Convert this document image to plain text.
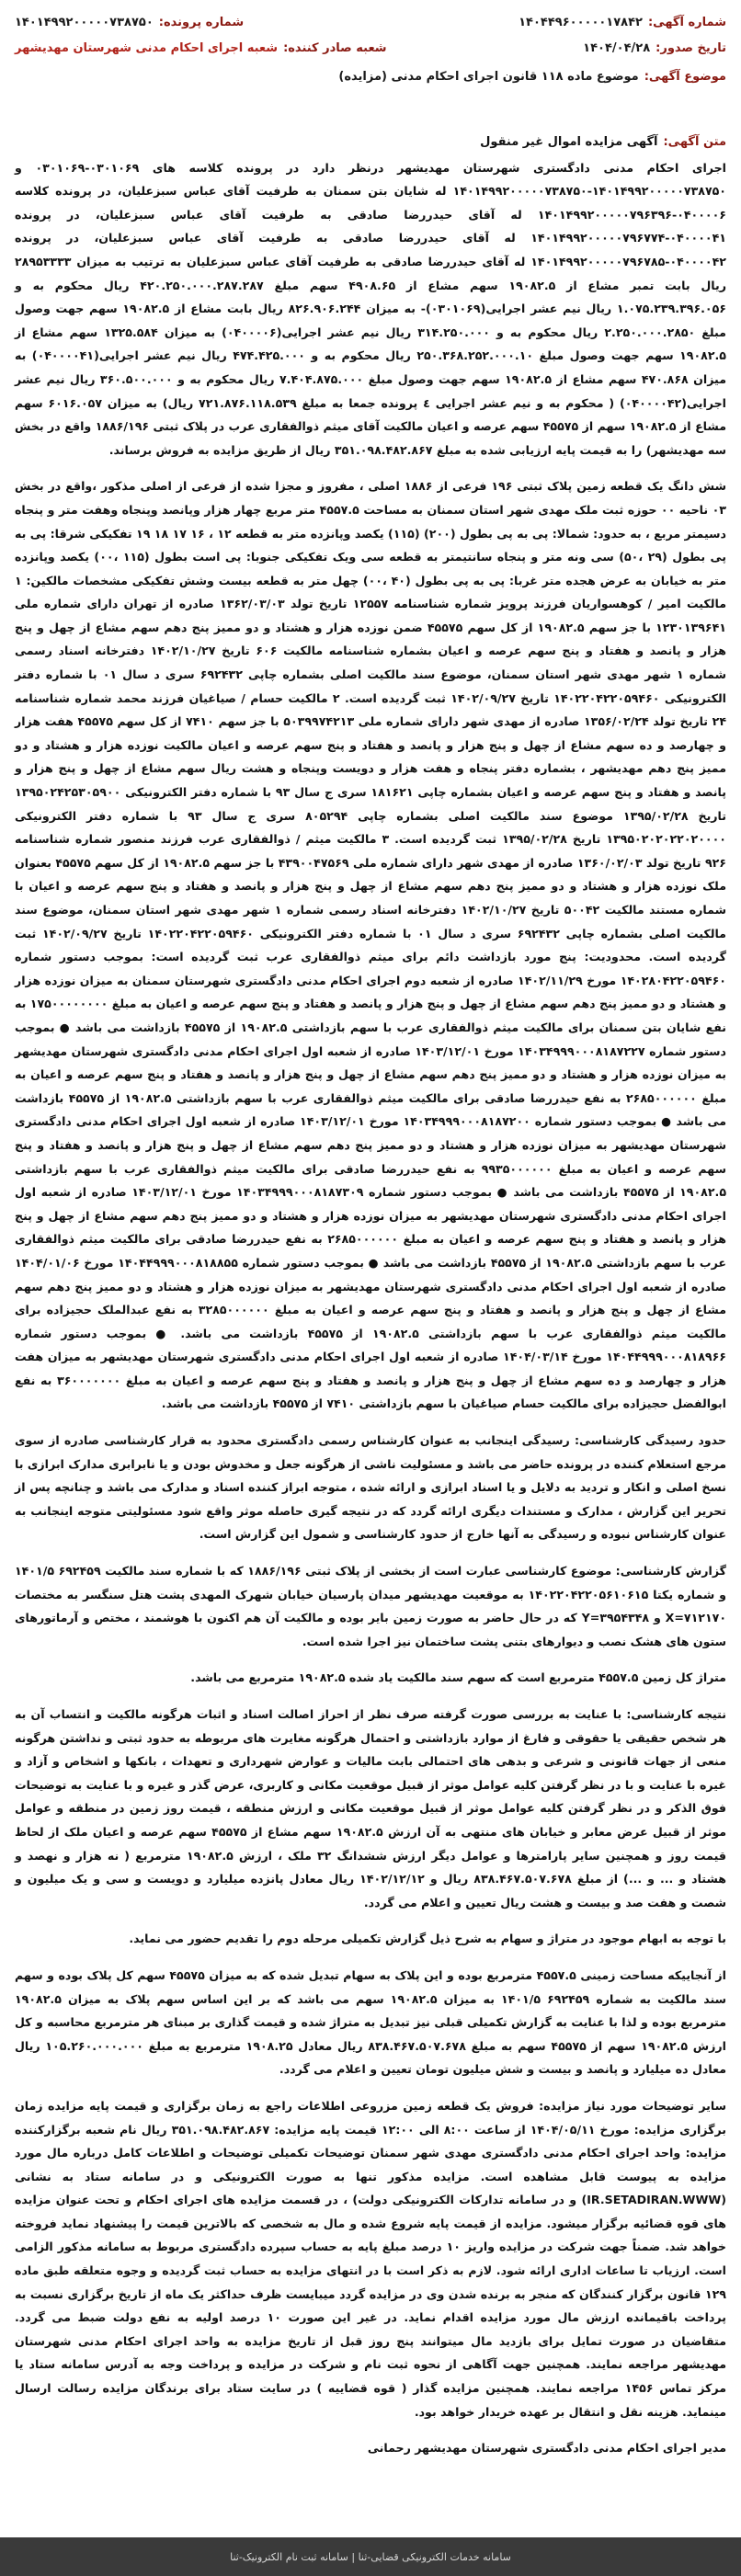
شماره آگهی:
۱۴۰۴۴۹۶۰۰۰۰۰۱۷۸۴۲
شماره پرونده:
۱۴۰۱۴۹۹۲۰۰۰۰۰۷۳۸۷۵۰
تاریخ صدور:
۱۴۰۴/۰۴/۲۸
شعبه صادر کننده:
شعبه اجرای احکام مدنی شهرستان مهدیشهر
موضوع آگهی:
موضوع ماده ۱۱۸ قانون اجرای احکام مدنی (مزایده)
متن آگهی:
آگهی مزایده اموال غیر منقول

اجرای احکام مدنی دادگستری شهرستان مهدیشهر درنظر دارد در پرونده کلاسه های ۰۳۰۱۰۶۹-۰۳۰۱۰۶۹ و ۱۴۰۱۴۹۹۲۰۰۰۰۰۷۳۸۷۵۰-۱۴۰۱۴۹۹۲۰۰۰۰۰۷۳۸۷۵۰ له شایان بتن سمنان به طرفیت آقای عباس سبزعلیان، در پرونده کلاسه ۰۴۰۰۰۰۶-۱۴۰۱۴۹۹۲۰۰۰۰۰۷۹۶۳۹۶ له آقای حیدررضا صادقی به طرفیت آقای عباس سبزعلیان، در پرونده ۰۴۰۰۰۰۴۱-۱۴۰۱۴۹۹۲۰۰۰۰۰۷۹۶۷۷۴ له آقای حیدررضا صادقی به طرفیت آقای عباس سبزعلیان، در پرونده ۰۴۰۰۰۰۴۲-۱۴۰۱۴۹۹۲۰۰۰۰۰۷۹۶۷۸۵ له آقای حیدررضا صادقی به طرفیت آقای عباس سبزعلیان به ترتیب به میزان ۲۸۹۵۳۳۳۳ ریال بابت تمبر مشاع از ۱۹۰۸۲.۵ سهم مشاع از ۴۹۰۸.۶۵ سهم مبلغ ۴۲۰.۲۵۰.۰۰۰.۲۸۷.۲۸۷ ریال محکوم به و ۱.۰۷۵.۲۳۹.۳۹۶.۰۵۶ ریال نیم عشر اجرایی(۰۳۰۱۰۶۹)- به میزان ۸۲۶.۹۰۶.۲۴۴ ریال بابت مشاع از ۱۹۰۸۲.۵ سهم جهت وصول مبلغ ۲.۲۵۰.۰۰۰.۲۸۵۰ ریال محکوم به و ۳۱۴.۲۵۰.۰۰۰ ریال نیم عشر اجرایی(۰۴۰۰۰۰۶) به میزان ۱۳۲۵.۵۸۴ سهم مشاع از ۱۹۰۸۲.۵ سهم جهت وصول مبلغ ۲۵۰.۳۶۸.۲۵۲.۰۰۰.۱۰ ریال محکوم به و ۴۷۴.۴۲۵.۰۰۰ ریال نیم عشر اجرایی(۰۴۰۰۰۰۴۱) به میزان ۴۷۰.۸۶۸ سهم مشاع از ۱۹۰۸۲.۵ سهم جهت وصول مبلغ ۷.۴۰۴.۸۷۵.۰۰۰ ریال محکوم به و ۳۶۰.۵۰۰.۰۰۰ ریال نیم عشر اجرایی(۰۴۰۰۰۰۴۲) ( محکوم به و نیم عشر اجرایی ٤ پرونده جمعا به مبلغ ۷۲۱.۸۷۶.۱۱۸.۵۳۹ ریال) به میزان ۶۰۱۶.۰۵۷ سهم مشاع از ۱۹۰۸۲.۵ سهم از ۴۵۵۷۵ سهم عرصه و اعیان مالکیت آقای میثم ذوالفقاری عرب در پلاک ثبتی ۱۸۸۶/۱۹۶ واقع در بخش سه مهدیشهر) را به قیمت پایه ارزیابی شده به مبلغ ۳۵۱.۰۹۸.۴۸۲.۸۶۷ ریال از طریق مزایده به فروش برساند.

شش دانگ یک قطعه زمین پلاک ثبتی ۱۹۶ فرعی از ۱۸۸۶ اصلی ، مفروز و مجزا شده از فرعی از اصلی مذکور ،واقع در بخش ۰۳ ناحیه ۰۰ حوزه ثبت ملک مهدی شهر استان سمنان به مساحت ۴۵۵۷.۵ متر مربع چهار هزار وپانصد وپنجاه وهفت متر و پنجاه دسیمتر مربع ، به حدود: شمالا: پی به پی بطول (۲۰۰) (۱۱۵) یکصد وپانزده متر به قطعه ۱۲ ، ۱۶ ۱۷ ۱۸ ۱۹ تفکیکی شرقا: پی به پی بطول (۲۹ ،۵۰) سی ونه متر و پنجاه سانتیمتر به قطعه سی ویک تفکیکی جنوبا: پی است بطول (۱۱۵ ،۰۰) یکصد وپانزده متر به خیابان به عرض هجده متر غربا: پی به پی بطول (۴۰ ،۰۰) چهل متر به قطعه بیست وشش تفکیکی مشخصات مالکین: ۱ مالکیت امیر / کوهسواریان فرزند پرویز شماره شناسنامه ۱۲۵۵۷ تاریخ تولد ۱۳۶۲/۰۳/۰۳ صادره از تهران دارای شماره ملی ۱۲۳۰۱۳۹۶۴۱ با جز سهم ۱۹۰۸۲.۵ از کل سهم ۴۵۵۷۵ ضمن نوزده هزار و هشتاد و دو ممیز پنج دهم سهم مشاع از چهل و پنج هزار و پانصد و هفتاد و پنج سهم عرصه و اعیان بشماره شناسنامه مالکیت ۶۰۶ تاریخ ۱۴۰۲/۱۰/۲۷ دفترخانه اسناد رسمی شماره ۱ شهر مهدی شهر استان سمنان، موضوع سند مالکیت اصلی بشماره چاپی ۶۹۲۴۳۲ سری د سال ۰۱ با شماره دفتر الکترونیکی ۱۴۰۲۲۰۴۲۲۰۵۹۴۶۰ تاریخ ۱۴۰۲/۰۹/۲۷ ثبت گردیده است. ۲ مالکیت حسام / صیاغیان فرزند محمد شماره شناسنامه ۲۴ تاریخ تولد ۱۳۵۶/۰۲/۲۴ صادره از مهدی شهر دارای شماره ملی ۵۰۳۹۹۷۴۲۱۳ با جز سهم ۷۴۱۰ از کل سهم ۴۵۵۷۵ هفت هزار و چهارصد و ده سهم مشاع از چهل و پنج هزار و پانصد و هفتاد و پنج سهم عرصه و اعیان مالکیت نوزده هزار و هشتاد و دو ممیز پنج دهم مهدیشهر ، بشماره دفتر پنجاه و هفت هزار و دویست وپنجاه و هشت ریال سهم مشاع از چهل و پنج هزار و پانصد و هفتاد و پنج سهم عرصه و اعیان بشماره چاپی ۱۸۱۶۲۱ سری ج سال ۹۳ با شماره دفتر الکترونیکی ۱۳۹۵۰۲۴۲۵۳۰۵۹۰۰ تاریخ ۱۳۹۵/۰۲/۲۸ موضوع سند مالکیت اصلی بشماره چاپی ۸۰۵۲۹۴ سری ج سال ۹۳ با شماره دفتر الکترونیکی ۱۳۹۵۰۲۰۲۰۲۲۰۲۰۰۰۰ تاریخ ۱۳۹۵/۰۲/۲۸ ثبت گردیده است. ۳ مالکیت میثم / ذوالفقاری عرب فرزند منصور شماره شناسنامه ۹۲۶ تاریخ تولد ۱۳۶۰/۰۲/۰۳ صادره از مهدی شهر دارای شماره ملی ۴۳۹۰۰۴۷۵۶۹ با جز سهم ۱۹۰۸۲.۵ از کل سهم ۴۵۵۷۵ بعنوان ملک نوزده هزار و هشتاد و دو ممیز پنج دهم سهم مشاع از چهل و پنج هزار و پانصد و هفتاد و پنج سهم عرصه و اعیان با شماره مستند مالکیت ۵۰۰۴۲ تاریخ ۱۴۰۲/۱۰/۲۷ دفترخانه اسناد رسمی شماره ۱ شهر مهدی شهر استان سمنان، موضوع سند مالکیت اصلی بشماره چاپی ۶۹۲۴۳۲ سری د سال ۰۱ با شماره دفتر الکترونیکی ۱۴۰۲۲۰۴۲۲۰۵۹۴۶۰ تاریخ ۱۴۰۲/۰۹/۲۷ ثبت گردیده است. محدودیت: پنج مورد بازداشت دائم برای میثم ذوالفقاری عرب ثبت گردیده است: بموجب دستور شماره ۱۴۰۲۸۰۴۲۲۰۵۹۴۶۰ مورخ ۱۴۰۲/۱۱/۲۹ صادره از شعبه دوم اجرای احکام مدنی دادگستری شهرستان سمنان به میزان نوزده هزار و هشتاد و دو ممیز پنج دهم سهم مشاع از چهل و پنج هزار و پانصد و هفتاد و پنج سهم عرصه و اعیان به مبلغ ۱۷۵۰۰۰۰۰۰۰۰ به نفع شایان بتن سمنان برای مالکیت میثم ذوالفقاری عرب با سهم بازداشتی ۱۹۰۸۲.۵ از ۴۵۵۷۵ بازداشت می باشد ● بموجب دستور شماره ۱۴۰۳۴۹۹۹۰۰۰۸۱۸۷۲۲۷ مورخ ۱۴۰۳/۱۲/۰۱ صادره از شعبه اول اجرای احکام مدنی دادگستری شهرستان مهدیشهر به میزان نوزده هزار و هشتاد و دو ممیز پنج دهم سهم مشاع از چهل و پنج هزار و پانصد و هفتاد و پنج سهم عرصه و اعیان به مبلغ ۲۶۸۵۰۰۰۰۰۰ به نفع حیدررضا صادقی برای مالکیت میثم ذوالفقاری عرب با سهم بازداشتی ۱۹۰۸۲.۵ از ۴۵۵۷۵ بازداشت می باشد ● بموجب دستور شماره ۱۴۰۳۴۹۹۹۰۰۰۸۱۸۷۲۰۰ مورخ ۱۴۰۳/۱۲/۰۱ صادره از شعبه اول اجرای احکام مدنی دادگستری شهرستان مهدیشهر به میزان نوزده هزار و هشتاد و دو ممیز پنج دهم سهم مشاع از چهل و پنج هزار و پانصد و هفتاد و پنج سهم عرصه و اعیان به مبلغ ۹۹۳۵۰۰۰۰۰۰ به نفع حیدررضا صادقی برای مالکیت میثم ذوالفقاری عرب با سهم بازداشتی ۱۹۰۸۲.۵ از ۴۵۵۷۵ بازداشت می باشد ● بموجب دستور شماره ۱۴۰۳۴۹۹۹۰۰۰۸۱۸۷۳۰۹ مورخ ۱۴۰۳/۱۲/۰۱ صادره از شعبه اول اجرای احکام مدنی دادگستری شهرستان مهدیشهر به میزان نوزده هزار و هشتاد و دو ممیز پنج دهم سهم مشاع از چهل و پنج هزار و پانصد و هفتاد و پنج سهم عرصه و اعیان به مبلغ ۲۶۸۵۰۰۰۰۰۰ به نفع حیدررضا صادقی برای مالکیت میثم ذوالفقاری عرب با سهم بازداشتی ۱۹۰۸۲.۵ از ۴۵۵۷۵ بازداشت می باشد ● بموجب دستور شماره ۱۴۰۴۴۹۹۹۰۰۰۸۱۸۸۵۵ مورخ ۱۴۰۴/۰۱/۰۶ صادره از شعبه اول اجرای احکام مدنی دادگستری شهرستان مهدیشهر به میزان نوزده هزار و هشتاد و دو ممیز پنج دهم سهم مشاع از چهل و پنج هزار و پانصد و هفتاد و پنج سهم عرصه و اعیان به مبلغ ۳۲۸۵۰۰۰۰۰۰ به نفع عبدالملک حجیزاده برای مالکیت میثم ذوالفقاری عرب با سهم بازداشتی ۱۹۰۸۲.۵ از ۴۵۵۷۵ بازداشت می باشد. ● بموجب دستور شماره ۱۴۰۴۴۹۹۹۰۰۰۸۱۸۹۶۶ مورخ ۱۴۰۴/۰۳/۱۴ صادره از شعبه اول اجرای احکام مدنی دادگستری شهرستان مهدیشهر به میزان هفت هزار و چهارصد و ده سهم مشاع از چهل و پنج هزار و پانصد و هفتاد و پنج سهم عرصه و اعیان به مبلغ ۳۶۰۰۰۰۰۰۰ به نفع ابوالفضل حجیزاده برای مالکیت حسام صیاغیان با سهم بازداشتی ۷۴۱۰ از ۴۵۵۷۵ بازداشت می باشد.

حدود رسیدگی کارشناسی: رسیدگی اینجانب به عنوان کارشناس رسمی دادگستری محدود به قرار کارشناسی صادره از سوی مرجع استعلام کننده در پرونده حاضر می باشد و مسئولیت ناشی از هرگونه جعل و مخدوش بودن و یا نابرابری مدارک ابرازی با نسخ اصلی و انکار و تردید به دلایل و یا اسناد ابرازی و ارائه شده ، متوجه ابراز کننده اسناد و مدارک می باشد و چنانچه پس از تحریر این گزارش ، مدارک و مستندات دیگری ارائه گردد که در نتیجه گیری حاصله موثر واقع شود مسئولیتی متوجه اینجانب به عنوان کارشناس نبوده و رسیدگی به آنها خارج از حدود کارشناسی و شمول این گزارش است.

گزارش کارشناسی: موضوع کارشناسی عبارت است از بخشی از پلاک ثبتی ۱۸۸۶/۱۹۶ که با شماره سند مالکیت ۶۹۲۴۵۹ ۱۴۰۱/۵ و شماره یکتا ۱۴۰۲۲۰۴۲۲۰۵۶۱۰۶۱۵ به موقعیت مهدیشهر میدان پارسیان خیابان شهرک المهدی پشت هتل سنگسر به مختصات X=۷۱۲۱۷۰ و Y=۳۹۵۴۳۴۸ که در حال حاضر به صورت زمین بایر بوده و مالکیت آن هم اکنون با هوشمند ، مختص و آرماتورهای ستون های هشک نصب و دیوارهای بتنی پشت ساختمان نیز اجرا شده است.

متراژ کل زمین ۴۵۵۷.۵ مترمربع است که سهم سند مالکیت یاد شده ۱۹۰۸۲.۵ مترمربع می باشد.

نتیجه کارشناسی: با عنایت به بررسی صورت گرفته صرف نظر از احراز اصالت اسناد و اثبات هرگونه مالکیت و انتساب آن به هر شخص حقیقی یا حقوقی و فارغ از موارد بازداشتی و احتمال هرگونه مغایرت های مربوطه به حدود ثبتی و نداشتن هرگونه منعی از جهات قانونی و شرعی و بدهی های احتمالی بابت مالیات و عوارض شهرداری و تعهدات ، بانکها و اشخاص و آزاد و غیره با عنایت و با در نظر گرفتن کلیه عوامل موثر از قبیل موقعیت مکانی و کاربری، عرض گذر و غیره و با عنایت به توضیحات فوق الذکر و در نظر گرفتن کلیه عوامل موثر از قبیل موقعیت مکانی و ارزش منطقه ، قیمت روز زمین در منطقه و عوامل موثر از قبیل عرض معابر و خیابان های منتهی به آن ارزش ۱۹۰۸۲.۵ سهم مشاع از ۴۵۵۷۵ سهم عرصه و اعیان ملک از لحاظ قیمت روز و همچنین سایر پارامترها و عوامل دیگر ارزش ششدانگ ۳۲ ملک ، ارزش ۱۹۰۸۲.۵ مترمربع ( نه هزار و نهصد و هشتاد و ... و ...) از مبلغ ۸۳۸.۴۶۷.۵۰۷.۶۷۸ ریال و ۱۴۰۲/۱۲/۱۲ ریال معادل پانزده میلیارد و دویست و سی و یک میلیون و شصت و هفت صد و بیست و هشت ریال تعیین و اعلام می گردد.

با توجه به ابهام موجود در متراژ و سهام به شرح ذیل گزارش تکمیلی مرحله دوم را تقدیم حضور می نماید.

از آنجاییکه مساحت زمینی ۴۵۵۷.۵ مترمربع بوده و این پلاک به سهام تبدیل شده که به میزان ۴۵۵۷۵ سهم کل پلاک بوده و سهم سند مالکیت به شماره ۶۹۲۴۵۹ ۱۴۰۱/۵ به میزان ۱۹۰۸۲.۵ سهم می باشد که بر این اساس سهم پلاک به میزان ۱۹۰۸۲.۵ مترمربع بوده و لذا با عنایت به گزارش تکمیلی قبلی نیز تبدیل به متراژ شده و قیمت گذاری بر مبنای هر مترمربع محاسبه و کل ارزش ۱۹۰۸۲.۵ سهم از ۴۵۵۷۵ سهم به مبلغ ۸۳۸.۴۶۷.۵۰۷.۶۷۸ ریال معادل ۱۹۰۸.۲۵ مترمربع به مبلغ ۱۰۵.۲۶۰.۰۰۰.۰۰۰ ریال معادل ده میلیارد و پانصد و بیست و شش میلیون تومان تعیین و اعلام می گردد.

سایر توضیحات مورد نیاز مزایده: فروش یک قطعه زمین مزروعی اطلاعات راجع به زمان برگزاری و قیمت پایه مزایده زمان برگزاری مزایده: مورخ ۱۴۰۴/۰۵/۱۱ از ساعت ۸:۰۰ الی ۱۲:۰۰ قیمت پایه مزایده: ۳۵۱.۰۹۸.۴۸۲.۸۶۷ ریال نام شعبه برگزارکننده مزایده: واحد اجرای احکام مدنی دادگستری مهدی شهر سمنان توضیحات تکمیلی توضیحات و اطلاعات کامل درباره مال مورد مزایده به پیوست قابل مشاهده است. مزایده مذکور تنها به صورت الکترونیکی و در سامانه ستاد به نشانی (IR.SETADIRAN.WWW) و در سامانه تدارکات الکترونیکی دولت) ، در قسمت مزایده های اجرای احکام و تحت عنوان مزایده های قوه قضائیه برگزار میشود. مزایده از قیمت پایه شروع شده و مال به شخصی که بالاترین قیمت را پیشنهاد نماید فروخته خواهد شد. ضمناً جهت شرکت در مزایده واریز ۱۰ درصد مبلغ پایه به حساب سپرده دادگستری مربوط به سامانه مذکور الزامی است. ارزیاب تا ساعات اداری ارائه شود. لازم به ذکر است با در انتهای مزایده به حساب ثبت گردیده و وجوه متعلقه طبق ماده ۱۲۹ قانون برگزار کنندگان که منجر به برنده شدن وی در مزایده گردد میبایست ظرف حداکثر یک ماه از تاریخ برگزاری نسبت به پرداخت باقیمانده ارزش مال مورد مزایده اقدام نماید. در غیر این صورت ۱۰ درصد اولیه به نفع دولت ضبط می گردد. متقاضیان در صورت تمایل برای بازدید مال میتوانند پنج روز قبل از تاریخ مزایده به واحد اجرای احکام مدنی شهرستان مهدیشهر مراجعه نمایند. همچنین جهت آگاهی از نحوه ثبت نام و شرکت در مزایده و پرداخت وجه به آدرس سامانه ستاد یا مرکز تماس ۱۴۵۶ مراجعه نمایند. همچنین مزایده گذار ( قوه قضاییه ) در سایت ستاد برای برندگان مزایده رسالت ارسال مینماید. هزینه نقل و انتقال بر عهده خریدار خواهد بود.

مدیر اجرای احکام مدنی دادگستری شهرستان مهدیشهر رحمانی

سامانه خدمات الکترونیکی قضایی-ثنا | سامانه ثبت نام الکترونیک-ثنا
